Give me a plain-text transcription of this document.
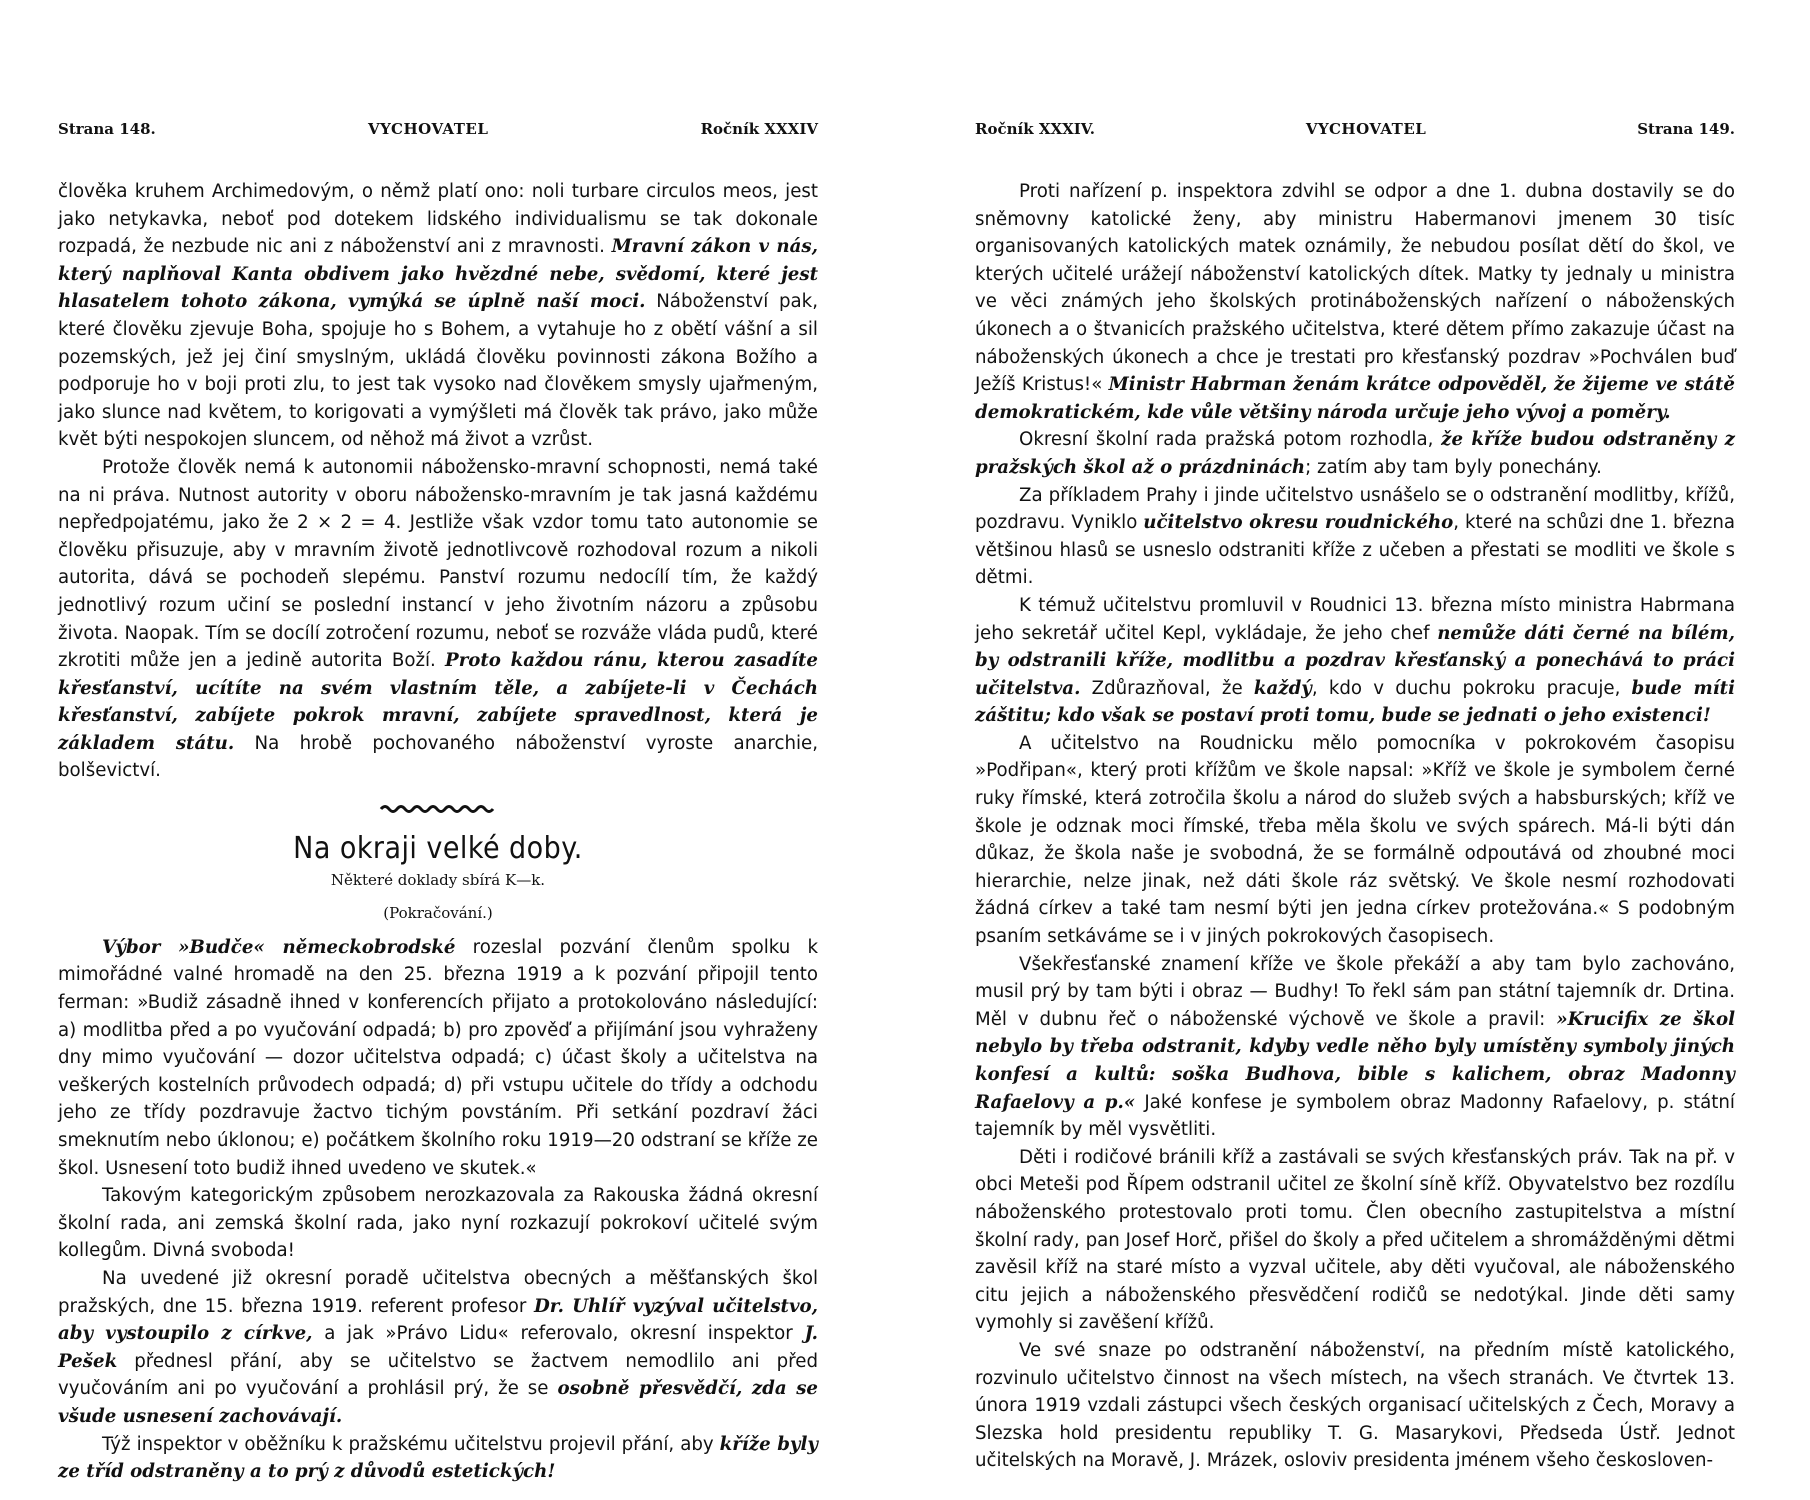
Strana 148.	VYCHOVATEL	Ročník XXXIV

člověka kruhem Archimedovým, o němž platí ono: noli turbare circulos meos, jest jako netykavka, neboť pod dotekem lidského individualismu se tak dokonale rozpadá, že nezbude nic ani z náboženství ani z mravnosti. Mravní zákon v nás, který naplňoval Kanta obdivem jako hvězdné nebe, svědomí, které jest hlasatelem tohoto zákona, vymýká se úplně naší moci. Náboženství pak, které člověku zjevuje Boha, spojuje ho s Bohem, a vytahuje ho z obětí vášní a sil pozemských, jež jej činí smyslným, ukládá člověku povinnosti zákona Božího a podporuje ho v boji proti zlu, to jest tak vysoko nad člověkem smysly ujařmeným, jako slunce nad květem, to korigovati a vymýšleti má člověk tak právo, jako může květ býti nespokojen sluncem, od něhož má život a vzrůst.

Protože člověk nemá k autonomii nábožensko-mravní schopnosti, nemá také na ni práva. Nutnost autority v oboru nábožensko-mravním je tak jasná každému nepředpojatému, jako že 2 × 2 = 4. Jestliže však vzdor tomu tato autonomie se člověku přisuzuje, aby v mravním životě jednotlivcově rozhodoval rozum a nikoli autorita, dává se pochodeň slepému. Panství rozumu nedocílí tím, že každý jednotlivý rozum učiní se poslední instancí v jeho životním názoru a způsobu života. Naopak. Tím se docílí zotročení rozumu, neboť se rozváže vláda pudů, které zkrotiti může jen a jedině autorita Boží. Proto každou ránu, kterou zasadíte křesťanství, ucítíte na svém vlastním těle, a zabíjete-li v Čechách křesťanství, zabíjete pokrok mravní, zabíjete spravedlnost, která je základem státu. Na hrobě pochovaného náboženství vyroste anarchie, bolševictví.

Na okraji velké doby.
Některé doklady sbírá K—k.
(Pokračování.)

Výbor »Budče« německobrodské rozeslal pozvání členům spolku k mimořádné valné hromadě na den 25. března 1919 a k pozvání připojil tento ferman: »Budiž zásadně ihned v konferencích přijato a protokolováno následující: a) modlitba před a po vyučování odpadá; b) pro zpověď a přijímání jsou vyhraženy dny mimo vyučování — dozor učitelstva odpadá; c) účast školy a učitelstva na veškerých kostelních průvodech odpadá; d) při vstupu učitele do třídy a odchodu jeho ze třídy pozdravuje žactvo tichým povstáním. Při setkání pozdraví žáci smeknutím nebo úklonou; e) počátkem školního roku 1919—20 odstraní se kříže ze škol. Usnesení toto budiž ihned uvedeno ve skutek.«

Takovým kategorickým způsobem nerozkazovala za Rakouska žádná okresní školní rada, ani zemská školní rada, jako nyní rozkazují pokrokoví učitelé svým kollegům. Divná svoboda!

Na uvedené již okresní poradě učitelstva obecných a měšťanských škol pražských, dne 15. března 1919. referent profesor Dr. Uhlíř vyzýval učitelstvo, aby vystoupilo z církve, a jak »Právo Lidu« referovalo, okresní inspektor J. Pešek přednesl přání, aby se učitelstvo se žactvem nemodlilo ani před vyučováním ani po vyučování a prohlásil prý, že se osobně přesvědčí, zda se všude usnesení zachovávají.

Týž inspektor v oběžníku k pražskému učitelstvu projevil přání, aby kříže byly ze tříd odstraněny a to prý z důvodů estetických!

Ročník XXXIV.	VYCHOVATEL	Strana 149.

Proti nařízení p. inspektora zdvihl se odpor a dne 1. dubna dostavily se do sněmovny katolické ženy, aby ministru Habermanovi jmenem 30 tisíc organisovaných katolických matek oznámily, že nebudou posílat dětí do škol, ve kterých učitelé urážejí náboženství katolických dítek. Matky ty jednaly u ministra ve věci známých jeho školských protináboženských nařízení o náboženských úkonech a o štvanicích pražského učitelstva, které dětem přímo zakazuje účast na náboženských úkonech a chce je trestati pro křesťanský pozdrav »Pochválen buď Ježíš Kristus!« Ministr Habrman ženám krátce odpověděl, že žijeme ve státě demokratickém, kde vůle většiny národa určuje jeho vývoj a poměry.

Okresní školní rada pražská potom rozhodla, že kříže budou odstraněny z pražských škol až o prázdninách; zatím aby tam byly ponechány.

Za příkladem Prahy i jinde učitelstvo usnášelo se o odstranění modlitby, křížů, pozdravu. Vyniklo učitelstvo okresu roudnického, které na schůzi dne 1. března většinou hlasů se usneslo odstraniti kříže z učeben a přestati se modliti ve škole s dětmi.

K témuž učitelstvu promluvil v Roudnici 13. března místo ministra Habrmana jeho sekretář učitel Kepl, vykládaje, že jeho chef nemůže dáti černé na bílém, by odstranili kříže, modlitbu a pozdrav křesťanský a ponechává to práci učitelstva. Zdůrazňoval, že každý, kdo v duchu pokroku pracuje, bude míti záštitu; kdo však se postaví proti tomu, bude se jednati o jeho existenci!

A učitelstvo na Roudnicku mělo pomocníka v pokrokovém časopisu »Podřipan«, který proti křížům ve škole napsal: »Kříž ve škole je symbolem černé ruky římské, která zotročila školu a národ do služeb svých a habsburských; kříž ve škole je odznak moci římské, třeba měla školu ve svých spárech. Má-li býti dán důkaz, že škola naše je svobodná, že se formálně odpoutává od zhoubné moci hierarchie, nelze jinak, než dáti škole ráz světský. Ve škole nesmí rozhodovati žádná církev a také tam nesmí býti jen jedna církev protežována.« S podobným psaním setkáváme se i v jiných pokrokových časopisech.

Všekřesťanské znamení kříže ve škole překáží a aby tam bylo zachováno, musil prý by tam býti i obraz — Budhy! To řekl sám pan státní tajemník dr. Drtina. Měl v dubnu řeč o náboženské výchově ve škole a pravil: »Krucifix ze škol nebylo by třeba odstranit, kdyby vedle něho byly umístěny symboly jiných konfesí a kultů: soška Budhova, bible s kalichem, obraz Madonny Rafaelovy a p.« Jaké konfese je symbolem obraz Madonny Rafaelovy, p. státní tajemník by měl vysvětliti.

Děti i rodičové bránili kříž a zastávali se svých křesťanských práv. Tak na př. v obci Meteši pod Řípem odstranil učitel ze školní síně kříž. Obyvatelstvo bez rozdílu náboženského protestovalo proti tomu. Člen obecního zastupitelstva a místní školní rady, pan Josef Horč, přišel do školy a před učitelem a shromážděnými dětmi zavěsil kříž na staré místo a vyzval učitele, aby děti vyučoval, ale náboženského citu jejich a náboženského přesvědčení rodičů se nedotýkal. Jinde děti samy vymohly si zavěšení křížů.

Ve své snaze po odstranění náboženství, na předním místě katolického, rozvinulo učitelstvo činnost na všech místech, na všech stranách. Ve čtvrtek 13. února 1919 vzdali zástupci všech českých organisací učitelských z Čech, Moravy a Slezska hold presidentu republiky T. G. Masarykovi, Předseda Ústř. Jednot učitelských na Moravě, J. Mrázek, osloviv presidenta jménem všeho českosloven-
